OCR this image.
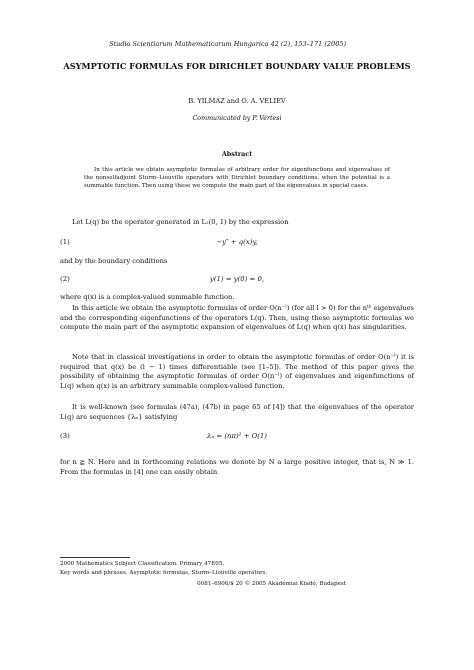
Studia Scientiarum Mathematicarum Hungarica 42 (2), 153–171 (2005)
ASYMPTOTIC FORMULAS FOR DIRICHLET BOUNDARY VALUE PROBLEMS
B. YILMAZ and O. A. VELIEV
Communicated by P. Vértesi
Abstract
In this article we obtain asymptotic formulas of arbitrary order for eigenfunctions and eigenvalues of the nonselfadjoint Sturm–Liouville operators with Dirichlet boundary conditions, when the potential is a summable function. Then using these we compute the main part of the eigenvalues in special cases.
Let L(q) be the operator generated in L₂(0, 1) by the expression
(1)	−y″ + q(x)y,
and by the boundary conditions
(2)	y(1) = y(0) = 0,
where q(x) is a complex-valued summable function.
In this article we obtain the asymptotic formulas of order O(n⁻ˡ) (for all l > 0) for the nᵗʰ eigenvalues and the corresponding eigenfunctions of the operators L(q). Then, using these asymptotic formulas we compute the main part of the asymptotic expansion of eigenvalues of L(q) when q(x) has singularities.
Note that in classical investigations in order to obtain the asymptotic formulas of order O(n⁻ˡ) it is required that q(x) be (l − 1) times differentiable (see [1–5]). The method of this paper gives the possibility of obtaining the asymptotic formulas of order O(n⁻ˡ) of eigenvalues and eigenfunctions of L(q) when q(x) is an arbitrary summable complex-valued function.
It is well-known (see formulas (47a), (47b) in page 65 of [4]) that the eigenvalues of the operator L(q) are sequences {λₙ} satisfying
(3)	λₙ = (nπ)² + O(1)
for n ≧ N. Here and in forthcoming relations we denote by N a large positive integer, that is, N ≫ 1. From the formulas in [4] one can easily obtain
2000 Mathematics Subject Classification. Primary 47E05.
Key words and phrases. Asymptotic formulas, Sturm–Liouville operators.
0081–6906/$ 20 © 2005 Akadémiai Kiadó, Budapest
